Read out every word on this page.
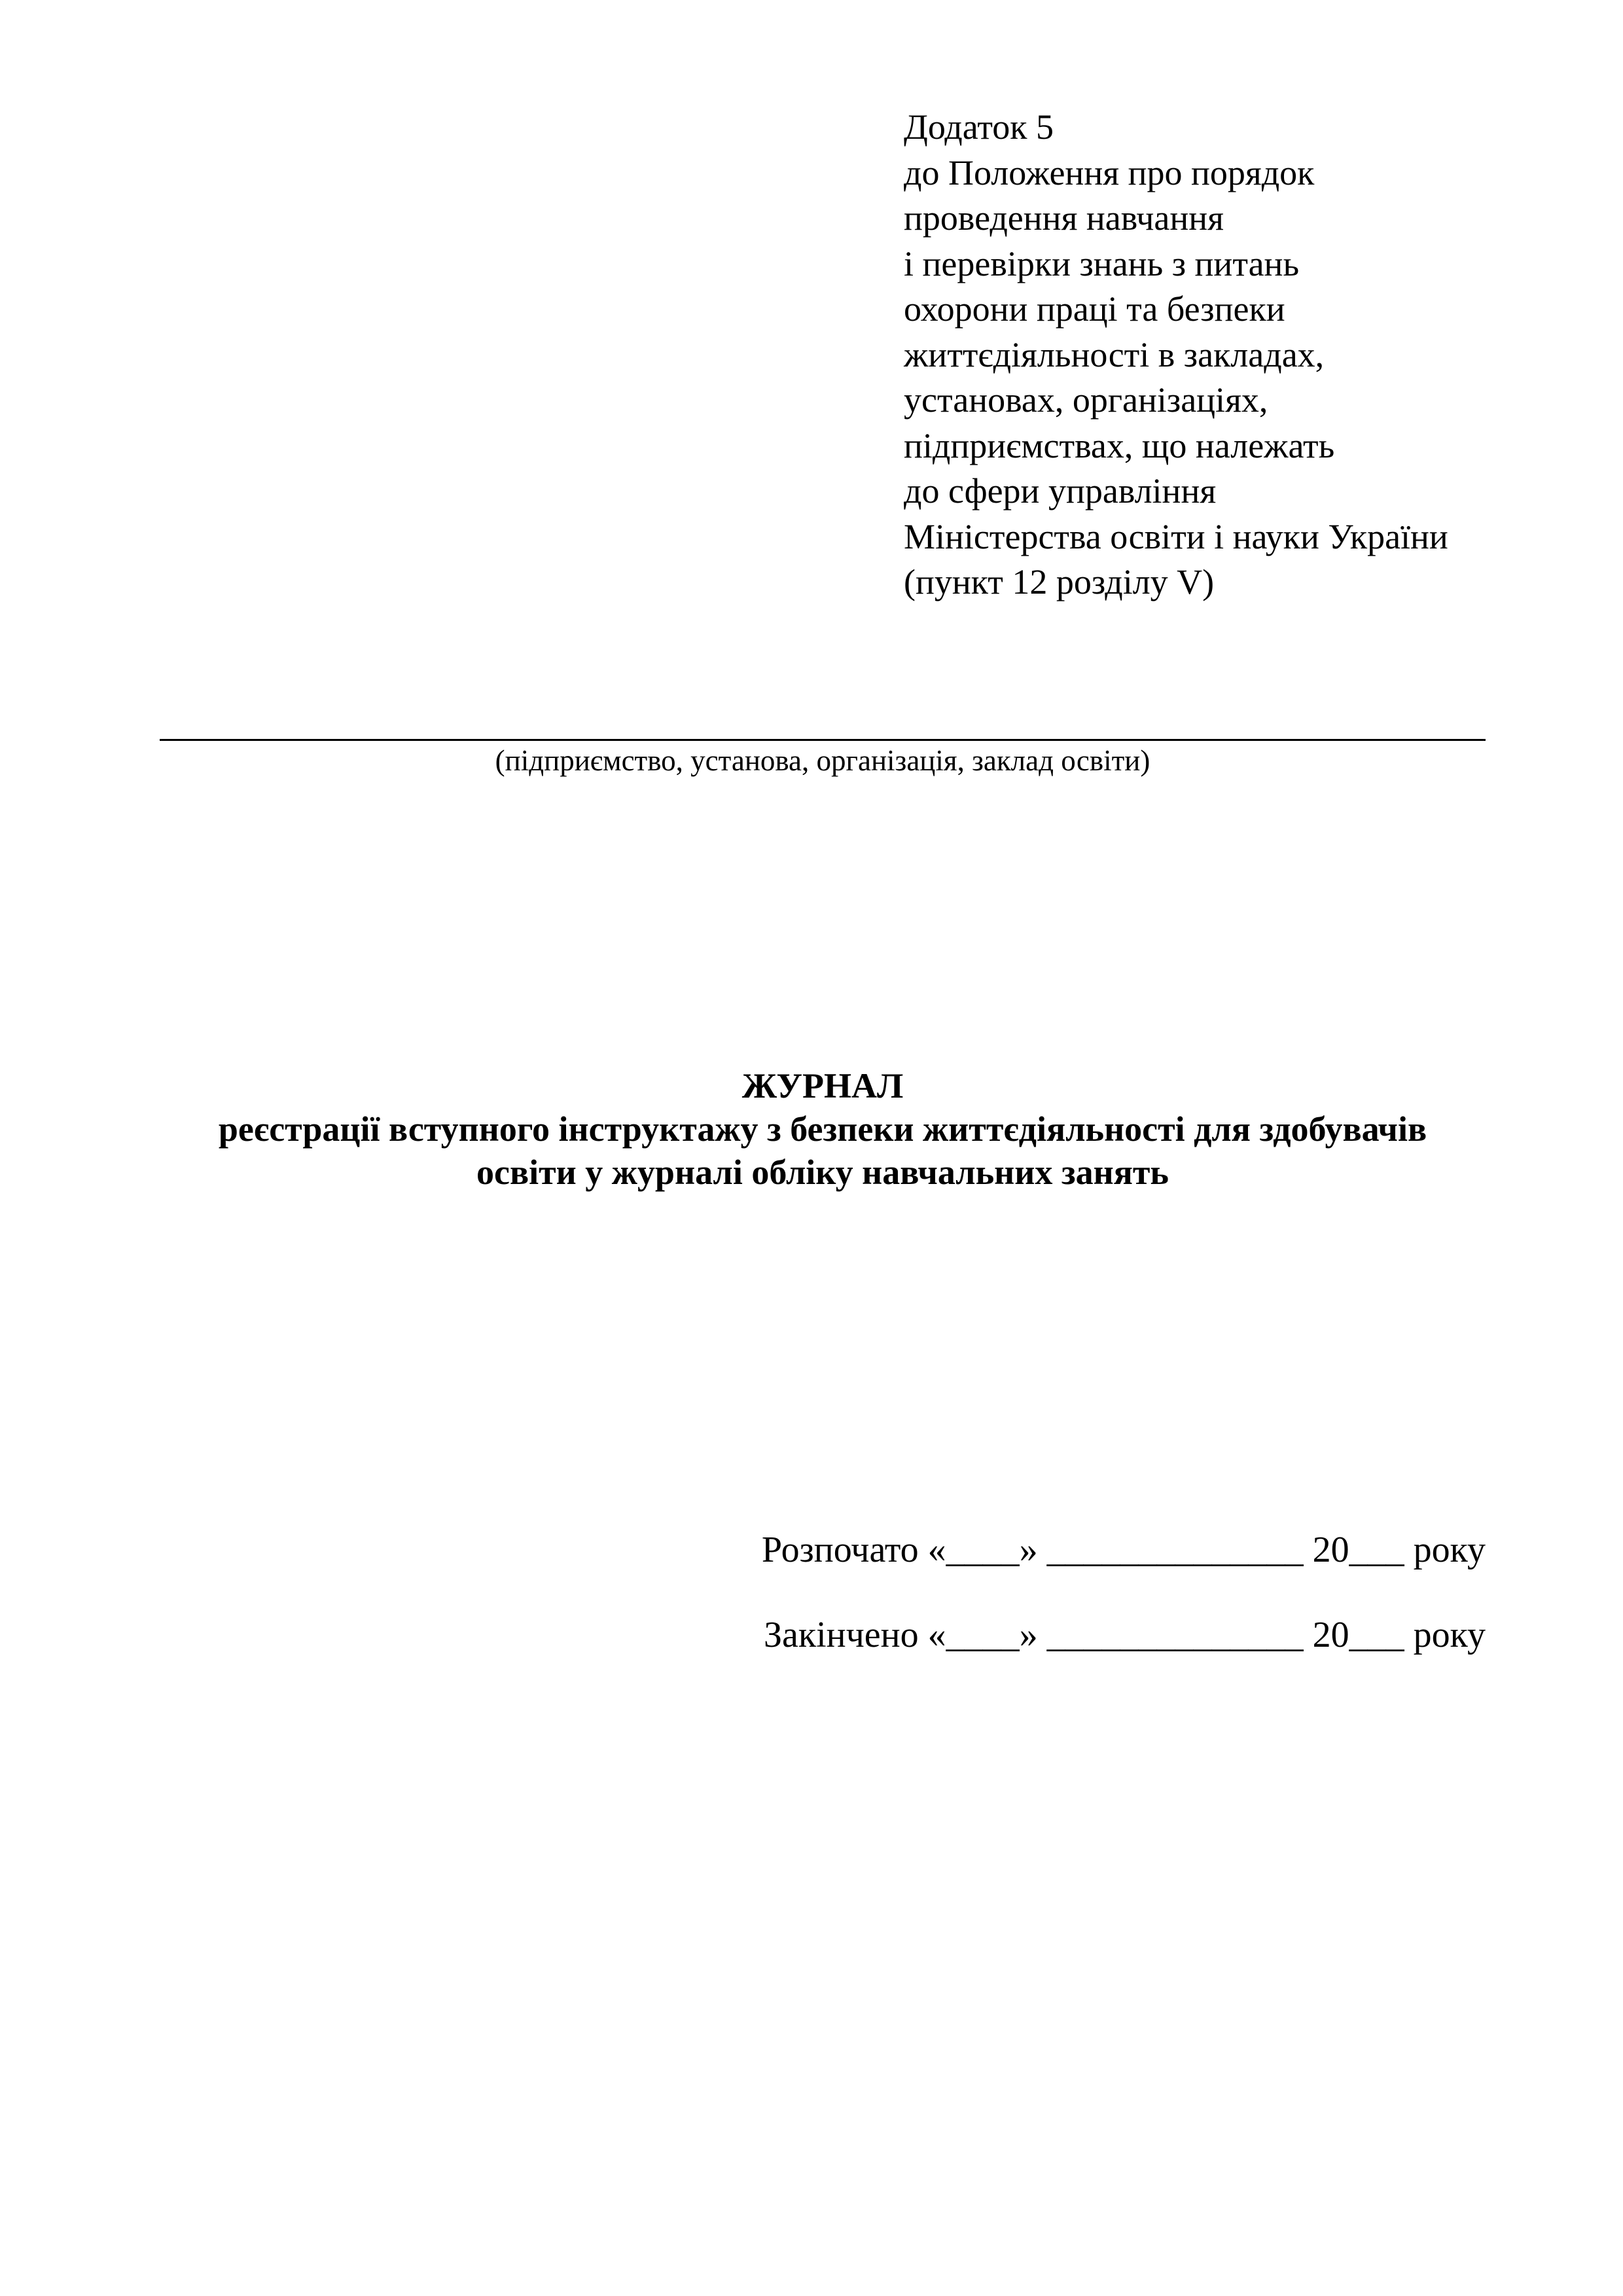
Додаток 5
до Положення про порядок
проведення навчання
і перевірки знань з питань
охорони праці та безпеки
життєдіяльності в закладах,
установах, організаціях,
підприємствах, що належать
до сфери управління
Міністерства освіти і науки України
(пункт 12 розділу V)
(підприємство, установа, організація, заклад освіти)
ЖУРНАЛ
реєстрації вступного інструктажу з безпеки життєдіяльності для здобувачів
освіти у журналі обліку навчальних занять
Розпочато «____» ______________ 20___ року
Закінчено «____» ______________ 20___ року
